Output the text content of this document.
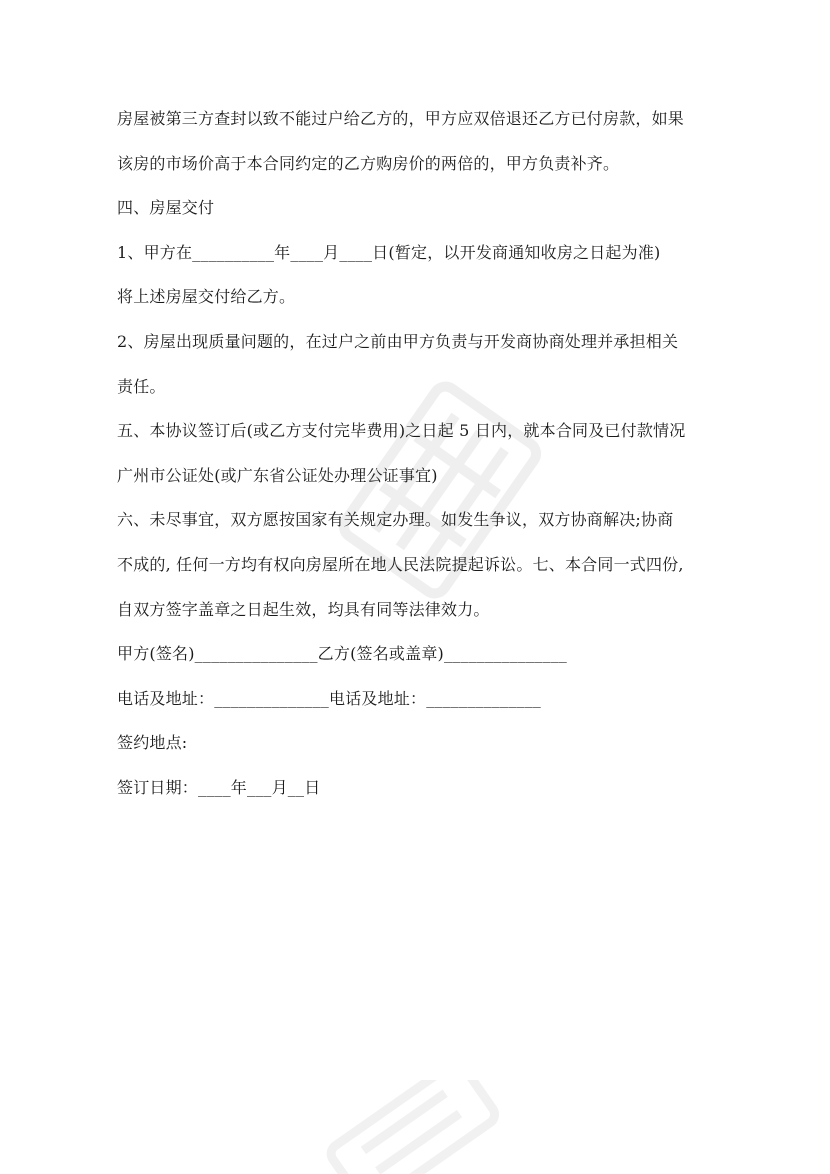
房屋被第三方查封以致不能过户给乙方的，甲方应双倍退还乙方已付房款，如果
该房的市场价高于本合同约定的乙方购房价的两倍的，甲方负责补齐。
四、房屋交付
1、甲方在__________年____月____日(暂定，以开发商通知收房之日起为准)
将上述房屋交付给乙方。
2、房屋出现质量问题的，在过户之前由甲方负责与开发商协商处理并承担相关
责任。
五、本协议签订后(或乙方支付完毕费用)之日起 5 日内，就本合同及已付款情况
广州市公证处(或广东省公证处办理公证事宜)
六、未尽事宜，双方愿按国家有关规定办理。如发生争议，双方协商解决;协商
不成的, 任何一方均有权向房屋所在地人民法院提起诉讼。七、本合同一式四份,
自双方签字盖章之日起生效，均具有同等法律效力。
甲方(签名)_______________乙方(签名或盖章)_______________
电话及地址：______________电话及地址：______________
签约地点:
签订日期：____年___月__日
